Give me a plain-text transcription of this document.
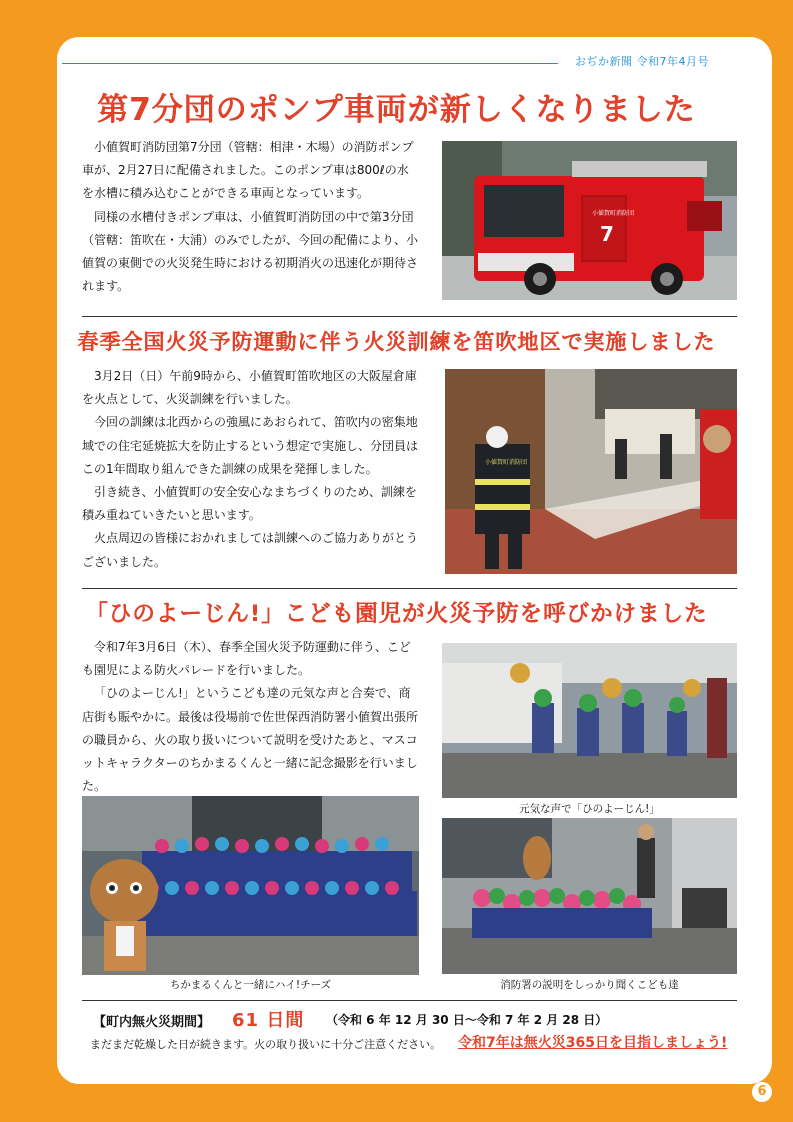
おぢか新聞 令和7年4月号
第7分団のポンプ車両が新しくなりました

小値賀町消防団第7分団（管轄：相津・木場）の消防ポンプ車が、2月27日に配備されました。このポンプ車は800ℓの水を水槽に積み込むことができる車両となっています。

同様の水槽付きポンプ車は、小値賀町消防団の中で第3分団（管轄：笛吹在・大浦）のみでしたが、今回の配備により、小値賀の東側での火災発生時における初期消火の迅速化が期待されます。

小値賀町消防団
7
春季全国火災予防運動に伴う火災訓練を笛吹地区で実施しました

3月2日（日）午前9時から、小値賀町笛吹地区の大阪屋倉庫を火点として、火災訓練を行いました。

今回の訓練は北西からの強風にあおられて、笛吹内の密集地域での住宅延焼拡大を防止するという想定で実施し、分団員はこの1年間取り組んできた訓練の成果を発揮しました。

引き続き、小値賀町の安全安心なまちづくりのため、訓練を積み重ねていきたいと思います。

火点周辺の皆様におかれましては訓練へのご協力ありがとうございました。

小値賀町消防団
「ひのよーじん!」こども園児が火災予防を呼びかけました

令和7年3月6日（木）、春季全国火災予防運動に伴う、こども園児による防火パレードを行いました。

「ひのよーじん!」というこども達の元気な声と合奏で、商店街も賑やかに。最後は役場前で佐世保西消防署小値賀出張所の職員から、火の取り扱いについて説明を受けたあと、マスコットキャラクターのちかまるくんと一緒に記念撮影を行いました。

元気な声で「ひのよーじん!」
ちかまるくんと一緒にハイ!チーズ	消防署の説明をしっかり聞くこども達
【町内無火災期間】 61 日間 （令和 6 年 12 月 30 日〜令和 7 年 2 月 28 日）
まだまだ乾燥した日が続きます。火の取り扱いに十分ご注意ください。 令和7年は無火災365日を目指しましょう!
6
